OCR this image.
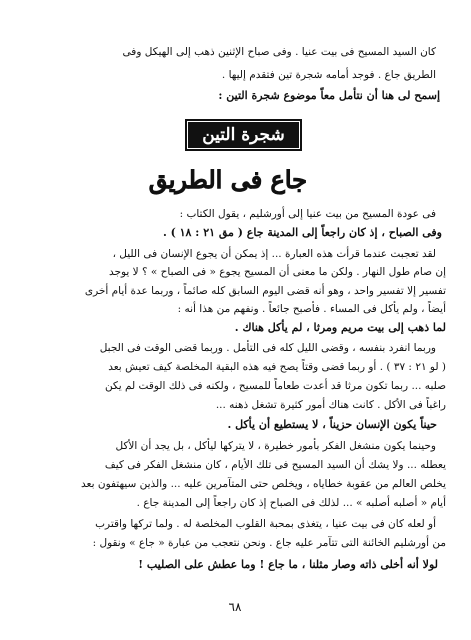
كان السيد المسيح فى بيت عنيا . وفى صباح الإثنين ذهب إلى الهيكل وفى
الطريق جاع . فوجد أمامه شجرة تين فتقدم إليها .
إسمح لى هنا أن نتأمل معاً موضوع شجرة التين :
شجرة التين
جاع فى الطريق
فى عودة المسيح من بيت عنيا إلى أورشليم ، يقول الكتاب :
وفى الصباح ، إذ كان راجعاً إلى المدينة جاع ( مق ٢١ : ١٨ ) .
لقد تعجبت عندما قرأت هذه العبارة ... إذ يمكن أن يجوع الإنسان فى الليل ،
إن صام طول النهار . ولكن ما معنى أن المسيح يجوع « فى الصباح » ؟ لا يوجد
تفسير إلا تفسير واحد ، وهو أنه قضى اليوم السابق كله صائماً ، وربما عدة أيام أخرى
أيضاً ، ولم يأكل فى المساء . فأصبح جائعاً . ونفهم من هذا أنه :
لما ذهب إلى بيت مريم ومرثا ، لم يأكل هناك .
وربما انفرد بنفسه ، وقضى الليل كله فى التأمل . وربما قضى الوقت فى الجبل
( لو ٢١ : ٣٧ ) . أو ربما قضى وقتاً يصح فيه هذه البقية المخلصة كيف تعيش بعد
صلبه ... ربما تكون مرثا قد أعدت طعاماً للمسيح ، ولكنه فى ذلك الوقت لم يكن
راغباً فى الأكل . كانت هناك أمور كثيرة تشغل ذهنه ...
حيناً يكون الإنسان حزيناً ، لا يستطيع أن يأكل .
وحينما يكون منشغل الفكر بأمور خطيرة ، لا يتركها ليأكل ، بل يجد أن الأكل
يعطله ... ولا يشك أن السيد المسيح فى تلك الأيام ، كان منشغل الفكر فى كيف
يخلص العالم من عقوبة خطاياه ، ويخلص حتى المتآمرين عليه ... والذين سيهتفون بعد
أيام « أصلبه أصلبه » ... لذلك فى الصباح إذ كان راجعاً إلى المدينة جاع .
أو لعله كان فى بيت عنيا ، يتغذى بمحبة القلوب المخلصة له . ولما تركها واقترب
من أورشليم الخائنة التى تتآمر عليه جاع . ونحن نتعجب من عبارة « جاع » ونقول :
لولا أنه أخلى ذاته وصار مثلنا ، ما جاع ! وما عطش على الصليب !
٦٨
